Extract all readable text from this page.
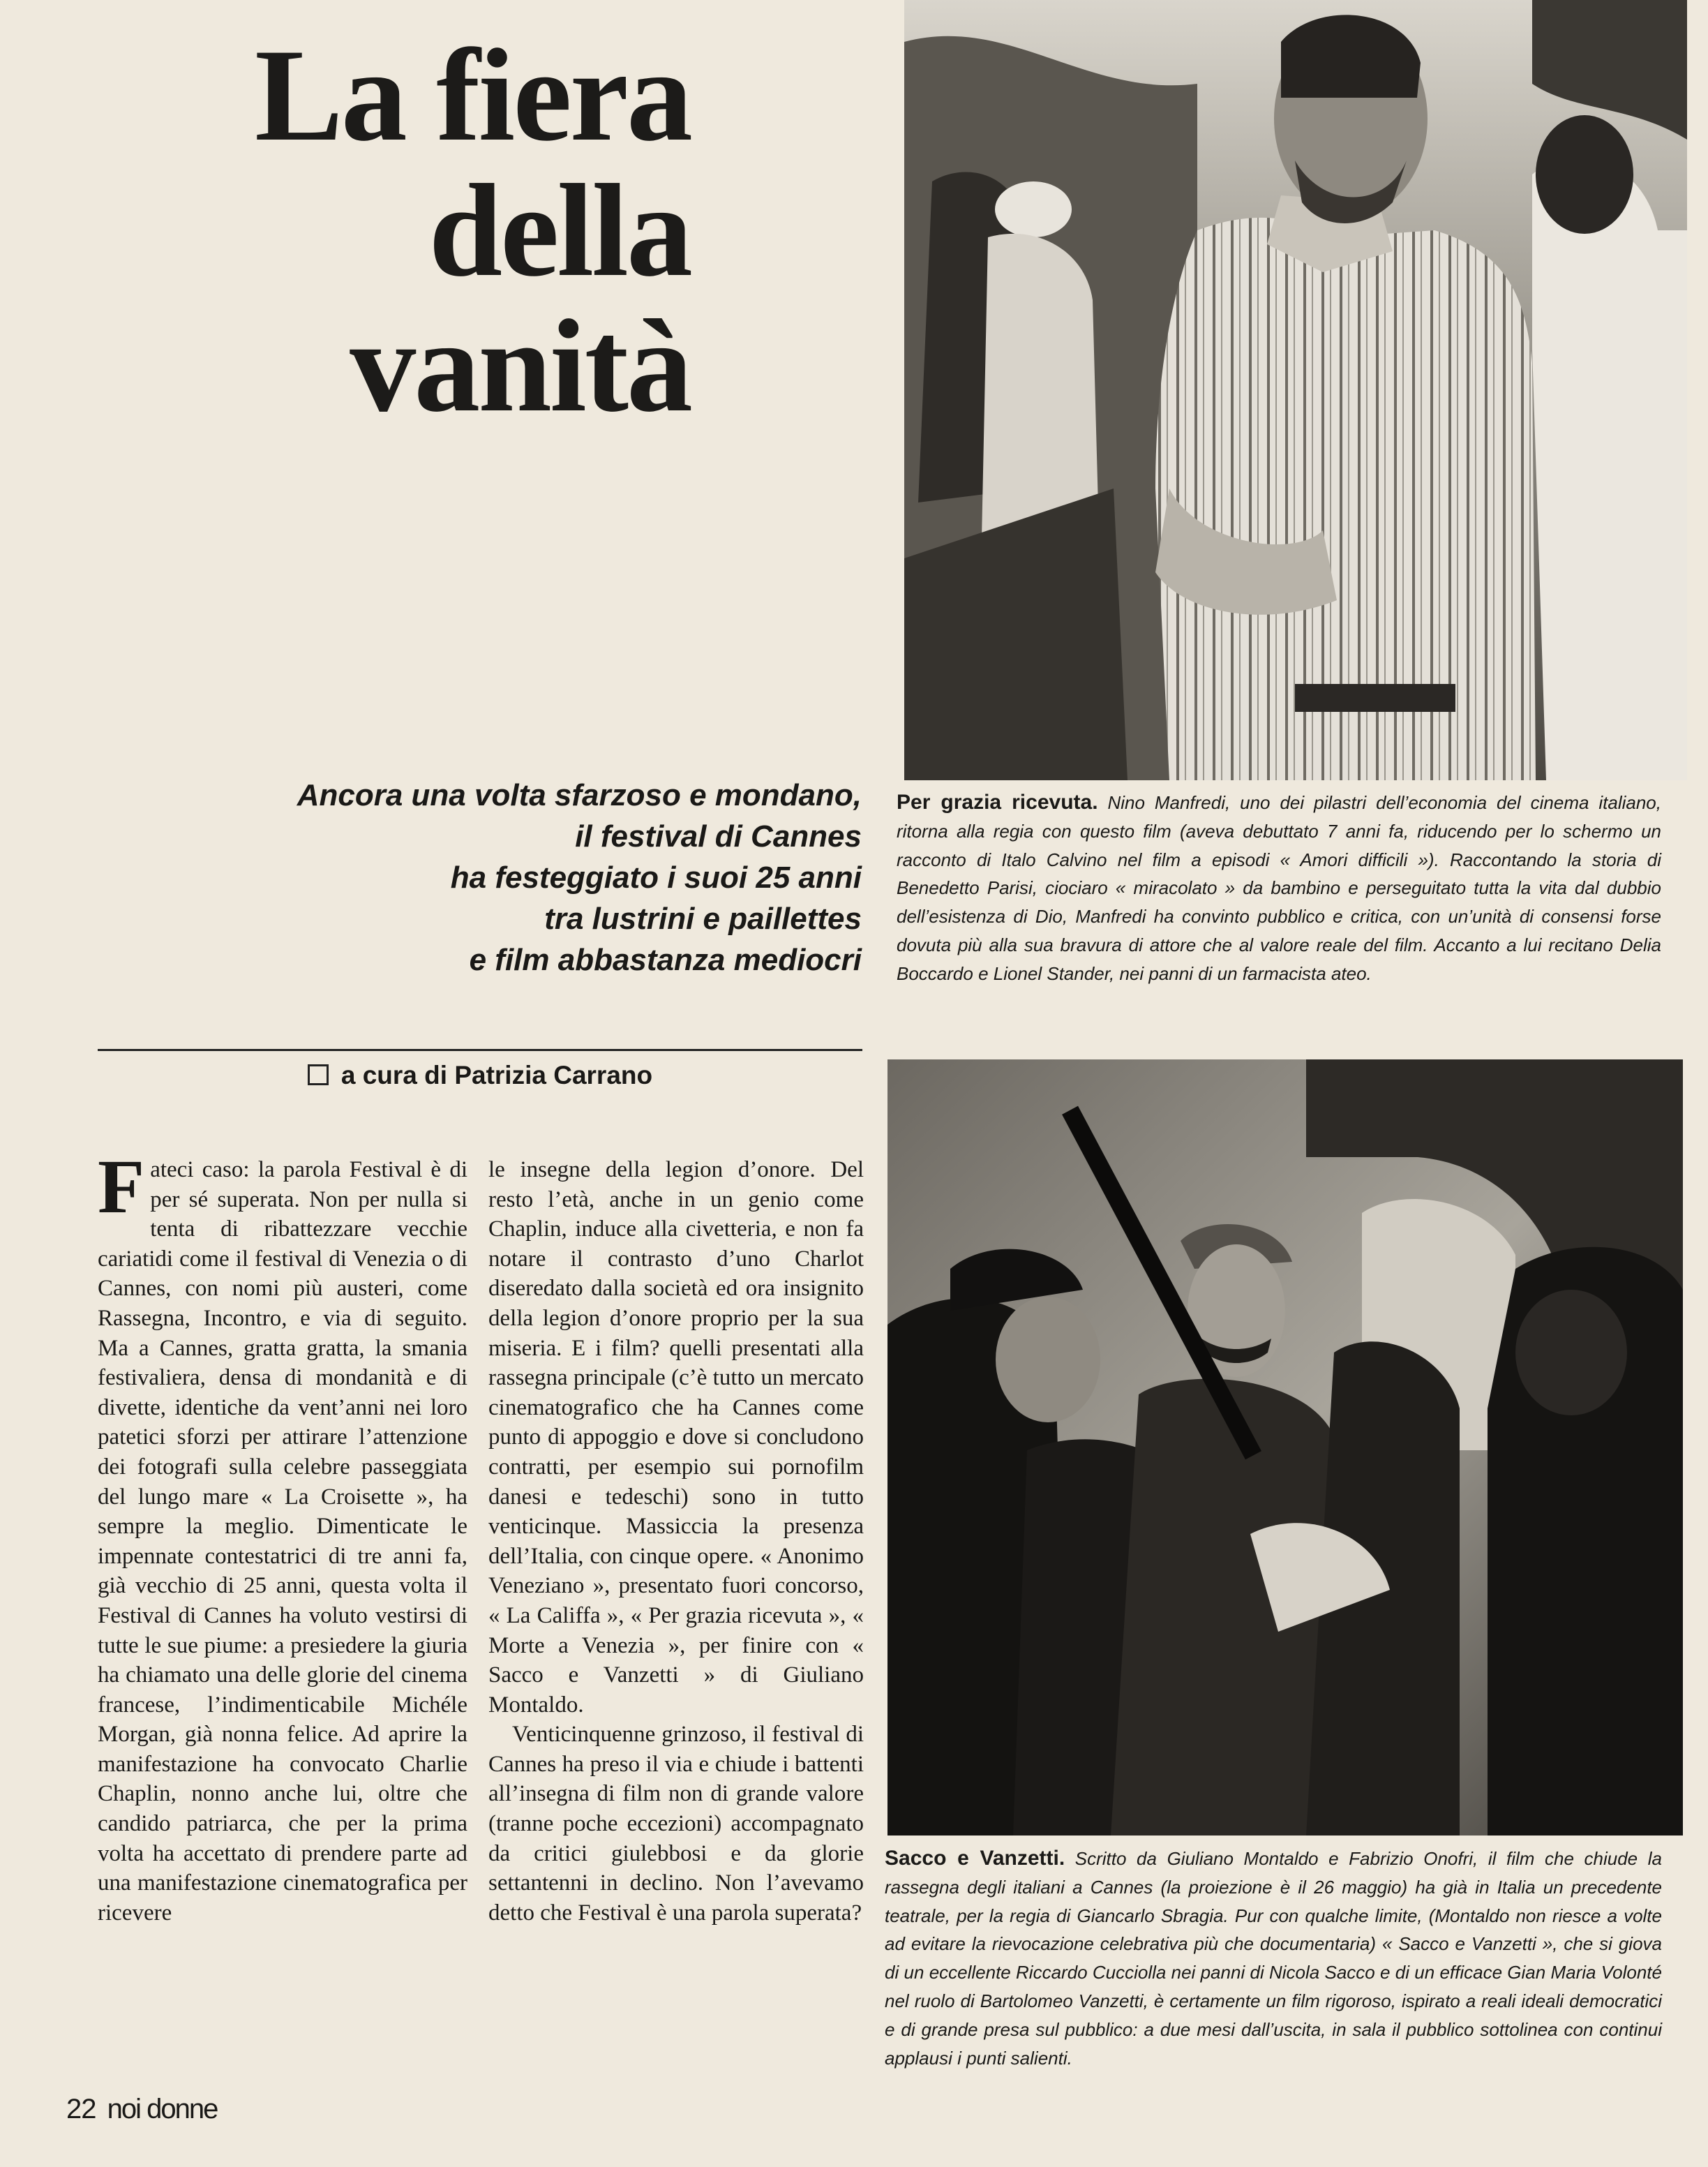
La fiera
della
vanità
Ancora una volta sfarzoso e mondano,
il festival di Cannes
ha festeggiato i suoi 25 anni
tra lustrini e paillettes
e film abbastanza mediocri
Per grazia ricevuta. Nino Manfredi, uno dei pilastri dell’economia del cinema italiano, ritorna alla regia con questo film (aveva debuttato 7 anni fa, riducendo per lo schermo un racconto di Italo Calvino nel film a episodi « Amori difficili »). Raccontando la storia di Benedetto Parisi, ciociaro « miracolato » da bambino e perseguitato tutta la vita dal dubbio dell’esistenza di Dio, Manfredi ha convinto pubblico e critica, con un’unità di consensi forse dovuta più alla sua bravura di attore che al valore reale del film. Accanto a lui recitano Delia Boccardo e Lionel Stander, nei panni di un farmacista ateo.
a cura di Patrizia Carrano

Fateci caso: la parola Festival è di per sé superata. Non per nulla si tenta di ribattezzare vecchie cariatidi come il festival di Venezia o di Cannes, con nomi più austeri, come Rassegna, Incontro, e via di seguito. Ma a Cannes, gratta gratta, la smania festivaliera, densa di mondanità e di divette, identiche da vent’anni nei loro patetici sforzi per attirare l’attenzione dei fotografi sulla celebre passeggiata del lungo mare « La Croisette », ha sempre la meglio. Dimenticate le impennate contestatrici di tre anni fa, già vecchio di 25 anni, questa volta il Festival di Cannes ha voluto vestirsi di tutte le sue piume: a presiedere la giuria ha chiamato una delle glorie del cinema francese, l’indimenticabile Michéle Morgan, già nonna felice. Ad aprire la manifestazione ha convocato Charlie Chaplin, nonno anche lui, oltre che candido patriarca, che per la prima volta ha accettato di prendere parte ad una manifestazione cinematografica per ricevere

le insegne della legion d’onore. Del resto l’età, anche in un genio come Chaplin, induce alla civetteria, e non fa notare il contrasto d’uno Charlot diseredato dalla società ed ora insignito della legion d’onore proprio per la sua miseria. E i film? quelli presentati alla rassegna principale (c’è tutto un mercato cinematografico che ha Cannes come punto di appoggio e dove si concludono contratti, per esempio sui pornofilm danesi e tedeschi) sono in tutto venticinque. Massiccia la presenza dell’Italia, con cinque opere. « Anonimo Veneziano », presentato fuori concorso, « La Califfa », « Per grazia ricevuta », « Morte a Venezia », per finire con « Sacco e Vanzetti » di Giuliano Montaldo.

Venticinquenne grinzoso, il festival di Cannes ha preso il via e chiude i battenti all’insegna di film non di grande valore (tranne poche eccezioni) accompagnato da critici giulebbosi e da glorie settantenni in declino. Non l’avevamo detto che Festival è una parola superata?

Sacco e Vanzetti. Scritto da Giuliano Montaldo e Fabrizio Onofri, il film che chiude la rassegna degli italiani a Cannes (la proiezione è il 26 maggio) ha già in Italia un precedente teatrale, per la regia di Giancarlo Sbragia. Pur con qualche limite, (Montaldo non riesce a volte ad evitare la rievocazione celebrativa più che documentaria) « Sacco e Vanzetti », che si giova di un eccellente Riccardo Cucciolla nei panni di Nicola Sacco e di un efficace Gian Maria Volonté nel ruolo di Bartolomeo Vanzetti, è certamente un film rigoroso, ispirato a reali ideali democratici e di grande presa sul pubblico: a due mesi dall’uscita, in sala il pubblico sottolinea con continui applausi i punti salienti.
22 noi donne
